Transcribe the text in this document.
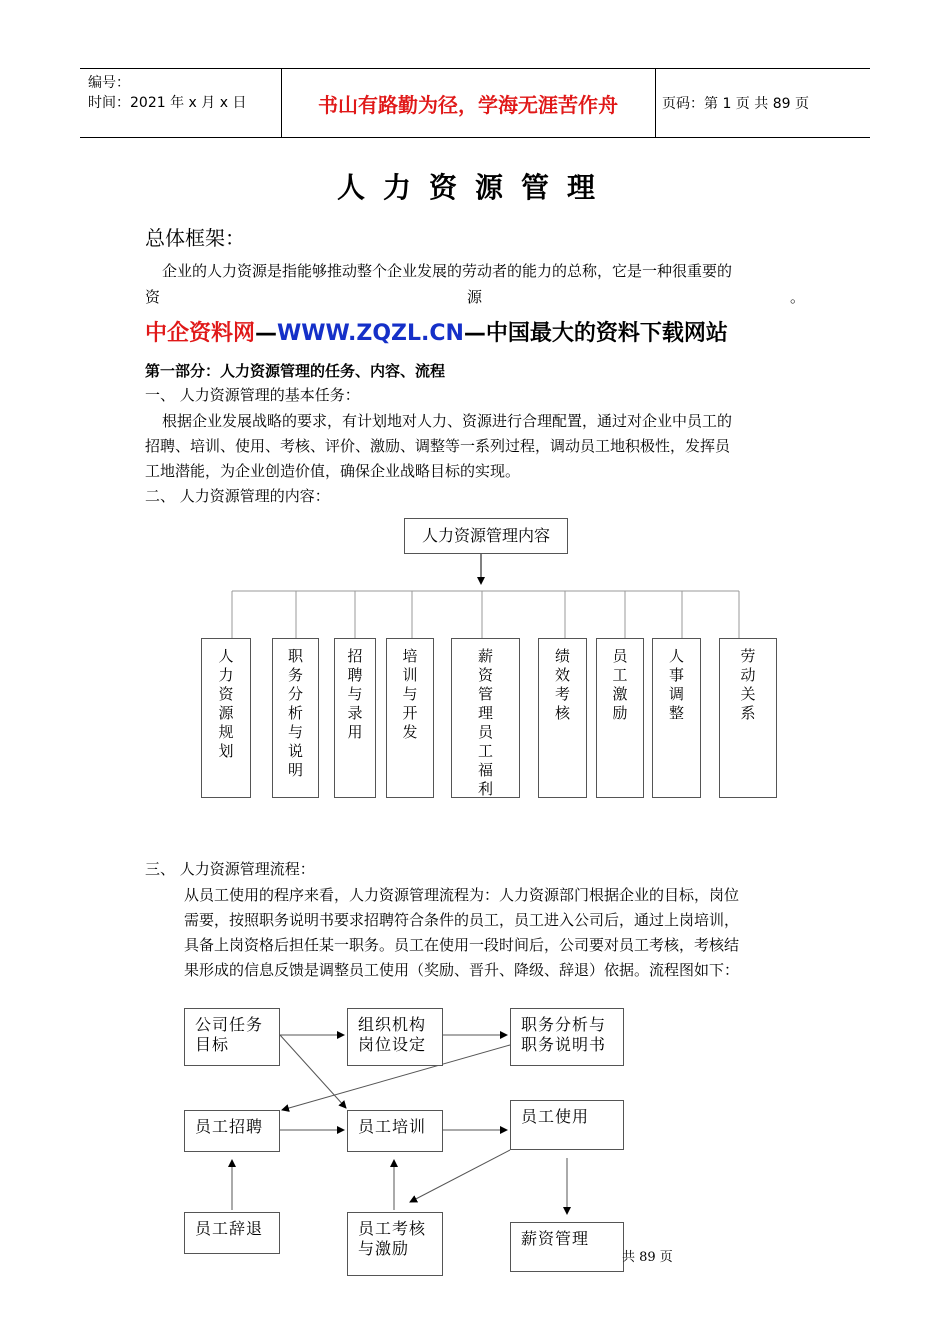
编号：
时间：2021 年 x 月 x 日	书山有路勤为径，学海无涯苦作舟	页码：第 1 页 共 89 页
人力资源管理
总体框架：
企业的人力资源是指能够推动整个企业发展的劳动者的能力的总称，它是一种很重要的
资	源	。
中企资料网—WWW.ZQZL.CN—中国最大的资料下载网站
第一部分：人力资源管理的任务、内容、流程
一、 人力资源管理的基本任务：
根据企业发展战略的要求，有计划地对人力、资源进行合理配置，通过对企业中员工的
招聘、培训、使用、考核、评价、激励、调整等一系列过程，调动员工地积极性，发挥员
工地潜能，为企业创造价值，确保企业战略目标的实现。
二、 人力资源管理的内容：
人力资源管理内容
人
力
资
源
规
划
职
务
分
析
与
说
明
招
聘
与
录
用
培
训
与
开
发
薪
资
管
理
员
工
福
利
绩
效
考
核
员
工
激
励
人
事
调
整
劳
动
关
系
三、 人力资源管理流程：
从员工使用的程序来看，人力资源管理流程为：人力资源部门根据企业的目标，岗位
需要，按照职务说明书要求招聘符合条件的员工，员工进入公司后，通过上岗培训，
具备上岗资格后担任某一职务。员工在使用一段时间后，公司要对员工考核，考核结
果形成的信息反馈是调整员工使用（奖励、晋升、降级、辞退）依据。流程图如下：
公司任务目标
组织机构岗位设定
职务分析与职务说明书
员工招聘	员工培训
员工使用
员工辞退	员工考核与激励
薪资管理
共 89 页
